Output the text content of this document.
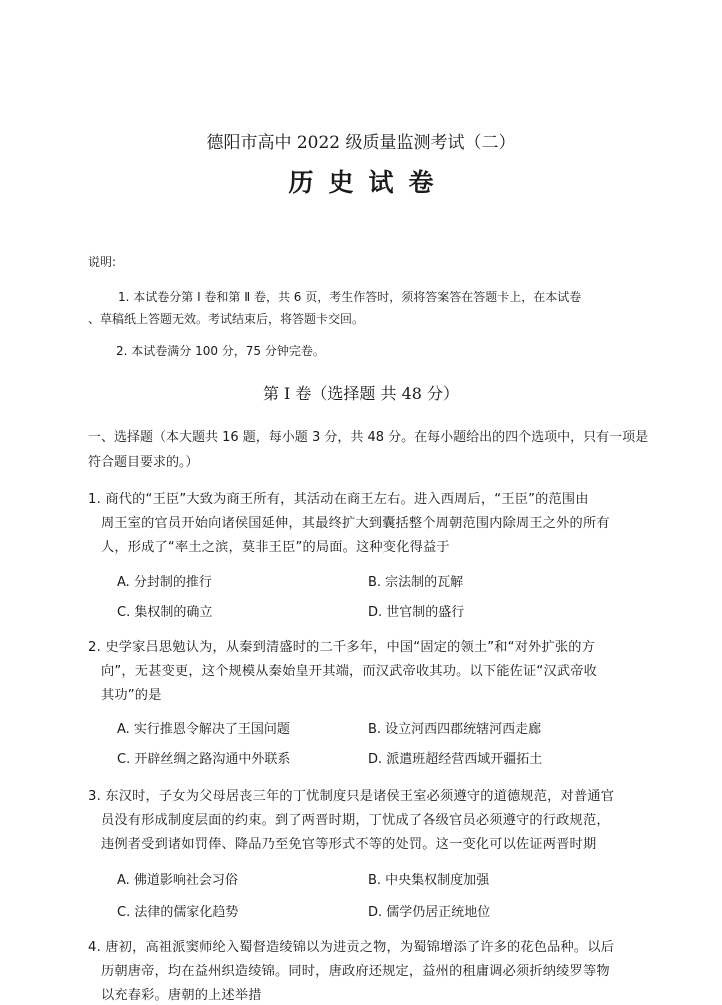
德阳市高中 2022 级质量监测考试（二）
历史试卷
说明:
1. 本试卷分第 Ⅰ 卷和第 Ⅱ 卷，共 6 页，考生作答时，须将答案答在答题卡上，在本试卷
、草稿纸上答题无效。考试结束后，将答题卡交回。
2. 本试卷满分 100 分，75 分钟完卷。
第 I 卷（选择题 共 48 分）
一、选择题（本大题共 16 题，每小题 3 分，共 48 分。在每小题给出的四个选项中，只有一项是
符合题目要求的。）
1. 商代的“王臣”大致为商王所有，其活动在商王左右。进入西周后，“王臣”的范围由
周王室的官员开始向诸侯国延伸，其最终扩大到囊括整个周朝范围内除周王之外的所有
人，形成了“率土之滨，莫非王臣”的局面。这种变化得益于
A. 分封制的推行	B. 宗法制的瓦解
C. 集权制的确立	D. 世官制的盛行
2. 史学家吕思勉认为，从秦到清盛时的二千多年，中国“固定的领土”和“对外扩张的方
向”，无甚变更，这个规模从秦始皇开其端，而汉武帝收其功。以下能佐证“汉武帝收
其功”的是
A. 实行推恩令解决了王国问题	B. 设立河西四郡统辖河西走廊
C. 开辟丝绸之路沟通中外联系	D. 派遣班超经营西域开疆拓土
3. 东汉时，子女为父母居丧三年的丁忧制度只是诸侯王室必须遵守的道德规范，对普通官
员没有形成制度层面的约束。到了两晋时期，丁忧成了各级官员必须遵守的行政规范，
违例者受到诸如罚俸、降品乃至免官等形式不等的处罚。这一变化可以佐证两晋时期
A. 佛道影响社会习俗	B. 中央集权制度加强
C. 法律的儒家化趋势	D. 儒学仍居正统地位
4. 唐初，高祖派窦师纶入蜀督造绫锦以为进贡之物，为蜀锦增添了许多的花色品种。以后
历朝唐帝，均在益州织造绫锦。同时，唐政府还规定，益州的租庸调必须折纳绫罗等物
以充春彩。唐朝的上述举措
